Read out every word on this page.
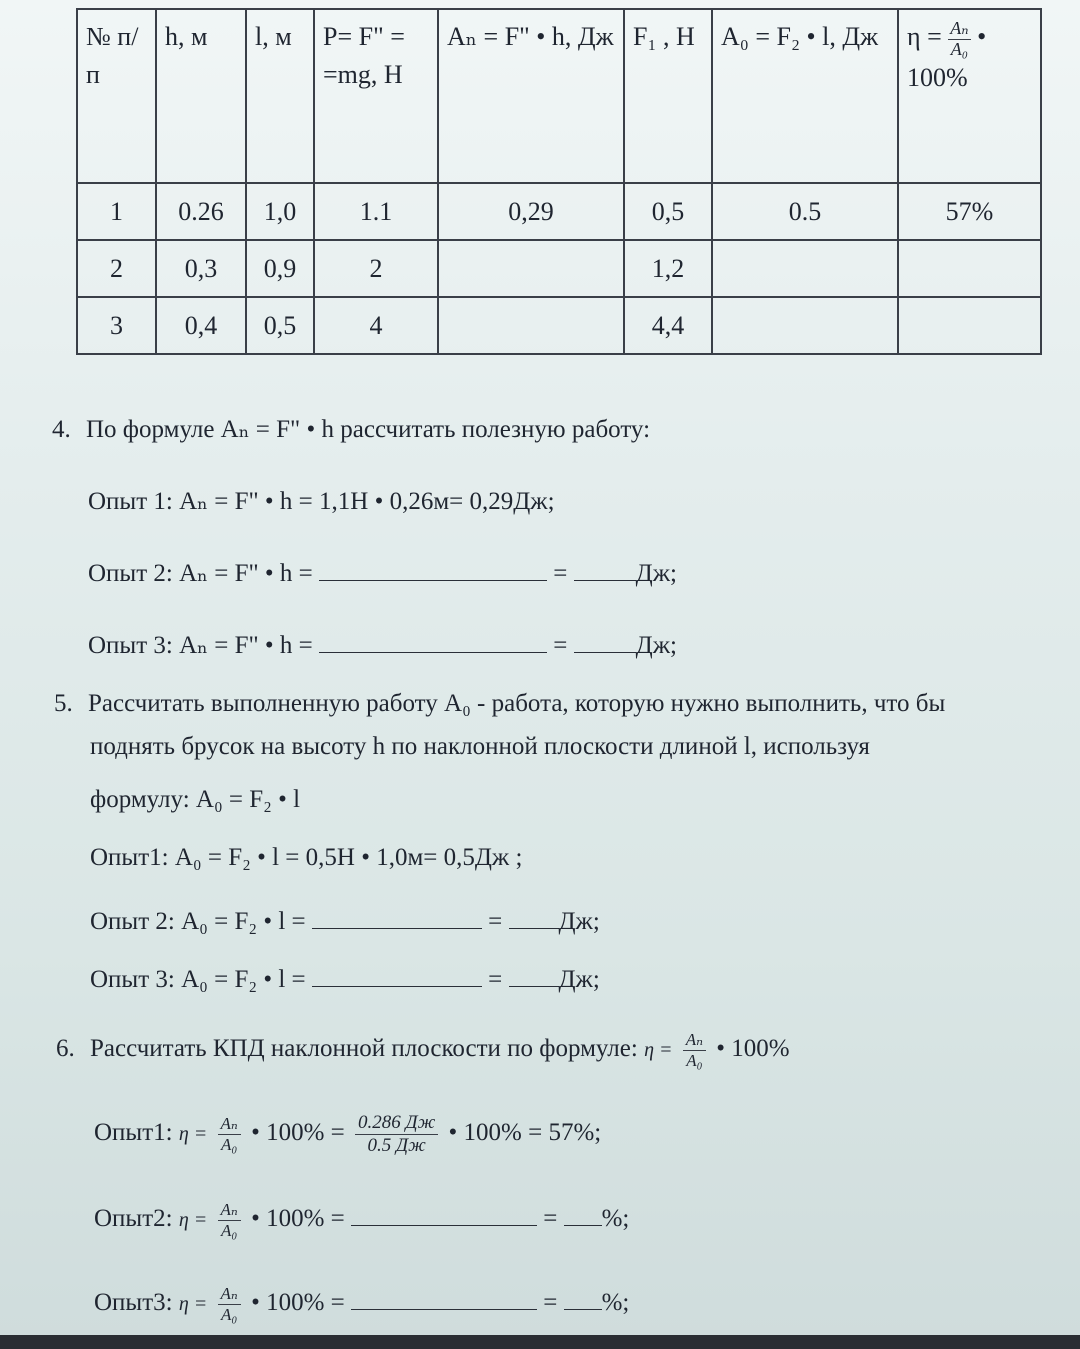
№ п/п	h, м	l, м	P= F" = =mg, Н	Aₙ = F" • h, Дж	F₁ , Н	A₀ = F₂ • l, Дж	$\eta = \frac{\text{Aₙ}}{\text{A₀}}$ • 100%
1	0.26	1,0	1.1	0,29	0,5	0.5	57%
2	0,3	0,9	2		1,2		
3	0,4	0,5	4		4,4		
4. По формуле Aₙ = F" • h рассчитать полезную работу:
Опыт 1: Aₙ = F" • h = 1,1Н • 0,26м= 0,29Дж;
Опыт 2: Aₙ = F" • h =	=	Дж;
Опыт 3: Aₙ = F" • h =	=	Дж;
5. Рассчитать выполненную работу A₀ - работа, которую нужно выполнить, что бы
поднять брусок на высоту h по наклонной плоскости длиной l, используя
формулу: A₀ = F₂ • l
Опыт1: A₀ = F₂ • l = 0,5Н • 1,0м= 0,5Дж ;
Опыт 2: A₀ = F₂ • l =	= Дж;
Опыт 3: A₀ = F₂ • l =	= Дж;
6. Рассчитать КПД наклонной плоскости по формуле: $\eta = \frac{\text{Aₙ}}{\text{A₀}}$ • 100%
Опыт1: $\eta = \frac{\text{Aₙ}}{\text{A₀}}$ • $100\% = \frac{0.286 Дж}{0.5 Дж}$ • 100% = 57%;
Опыт2: $\eta = \frac{\text{Aₙ}}{\text{A₀}}$ • 100% =	= %;
Опыт3: $\eta = \frac{\text{Aₙ}}{\text{A₀}}$ • 100% =	= %;
